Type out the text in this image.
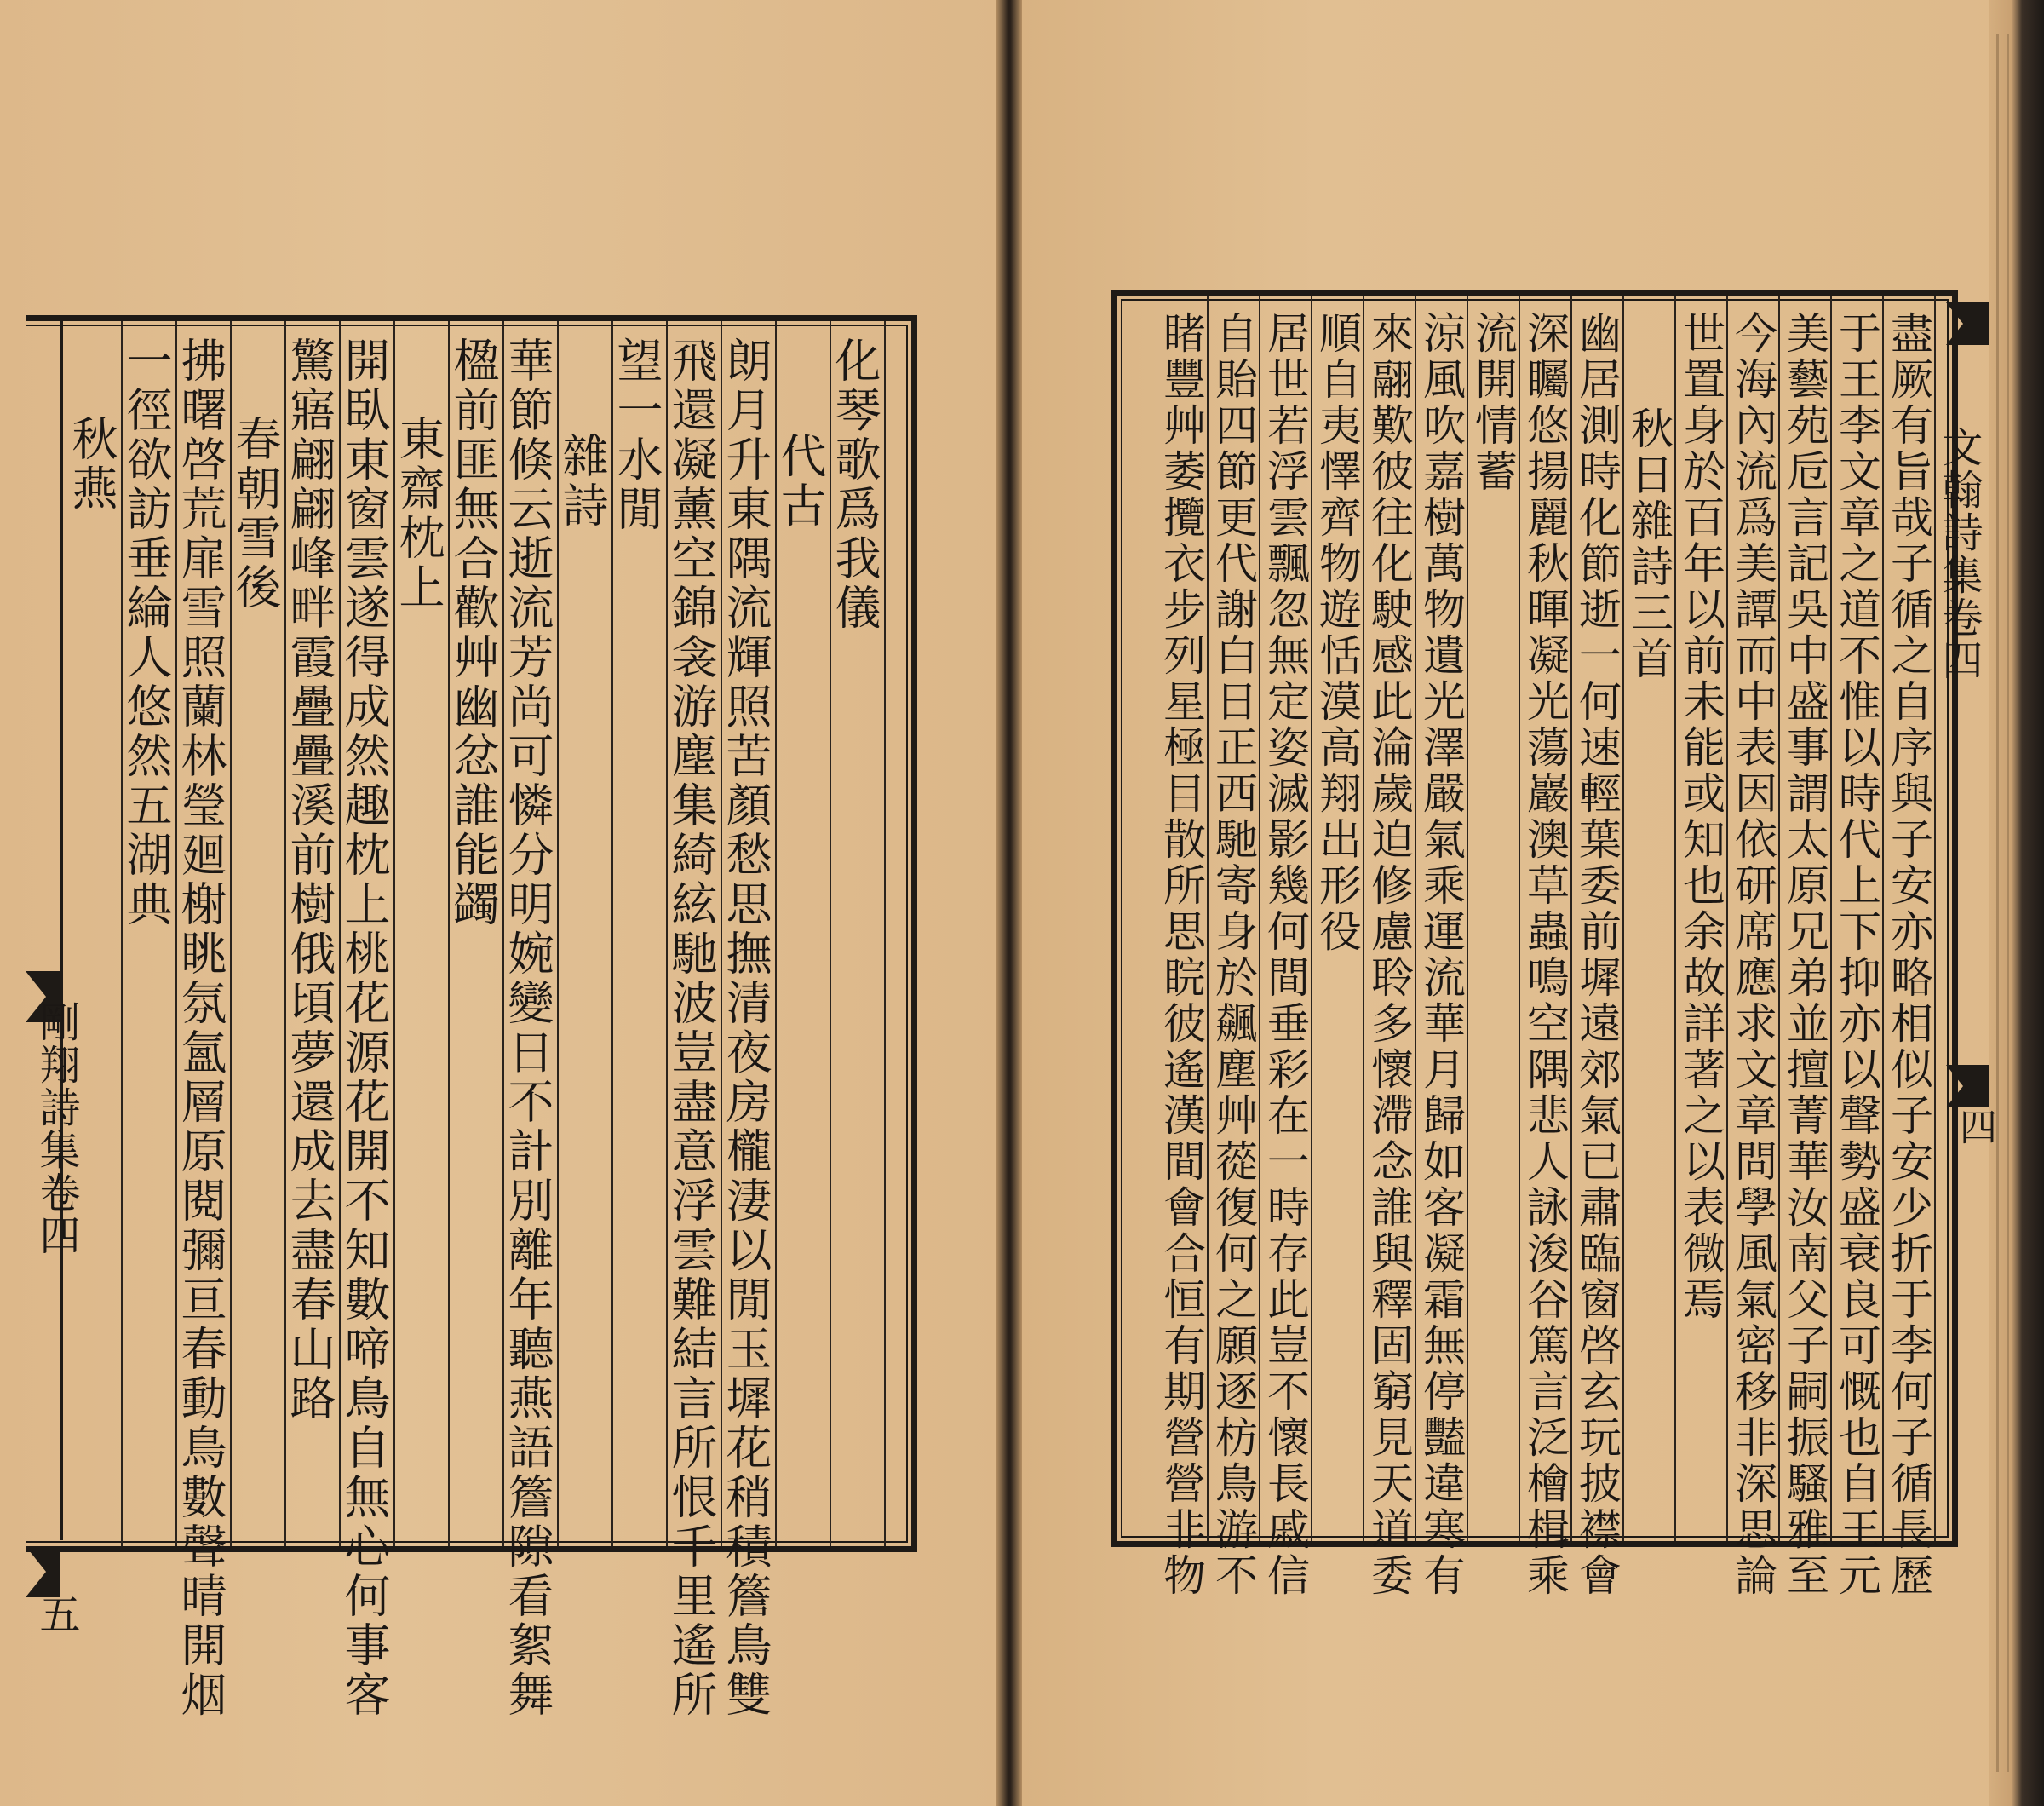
化琴歌爲我儀
代古
朗月升東隅流輝照苦顏愁思撫清夜房櫳淒以閒玉墀花稍積簷鳥雙
飛還凝薰空錦衾游塵集綺絃馳波豈盡意浮雲難結言所恨千里遙所
望一水閒
雜詩
華節倏云逝流芳尚可憐分明婉變日不計別離年聽燕語簷隙看絮舞
楹前匪無合歡艸幽忿誰能蠲
東齋枕上
開臥東窗雲遂得成然趣枕上桃花源花開不知數啼鳥自無心何事客
驚寤翩翩峰畔霞疊疊溪前樹俄頃夢還成去盡春山路
春朝雪後
拂曙啓荒扉雪照蘭林瑩廻榭眺氛氳層原閱彌亘春動鳥數聲晴開烟
一徑欲訪垂綸人悠然五湖典
秋燕
剛翔詩集卷四
五
盡厥有旨哉子循之自序與子安亦略相似子安少折于李何子循長歷
于王李文章之道不惟以時代上下抑亦以聲勢盛衰良可慨也自王元
美藝苑卮言記吳中盛事謂太原兄弟並擅菁華汝南父子嗣振騷雅至
今海內流爲美譚而中表因依研席應求文章問學風氣密移非深思論
世置身於百年以前未能或知也余故詳著之以表微焉
秋日雜詩三首
幽居測時化節逝一何速輕葉委前墀遠郊氣已肅臨窗啓玄玩披襟會
深矚悠揚麗秋暉凝光蕩巖澳草蟲鳴空隅悲人詠浚谷篤言泛檜楫乘
流開情蓄
涼風吹嘉樹萬物遺光澤嚴氣乘運流華月歸如客凝霜無停豔違寒有
來翮歎彼往化駛感此淪歲迫修慮聆多懷滯念誰與釋固窮見天道委
順自夷懌齊物遊恬漠高翔出形役
居世若浮雲飄忽無定姿滅影幾何間垂彩在一時存此豈不懷長戚信
自貽四節更代謝白日正西馳寄身於飆塵艸蓯復何之願逐枋鳥游不
睹豐艸萎攬衣步列星極目散所思睆彼遙漢間會合恒有期營營非物	文翰詩集卷四
四
